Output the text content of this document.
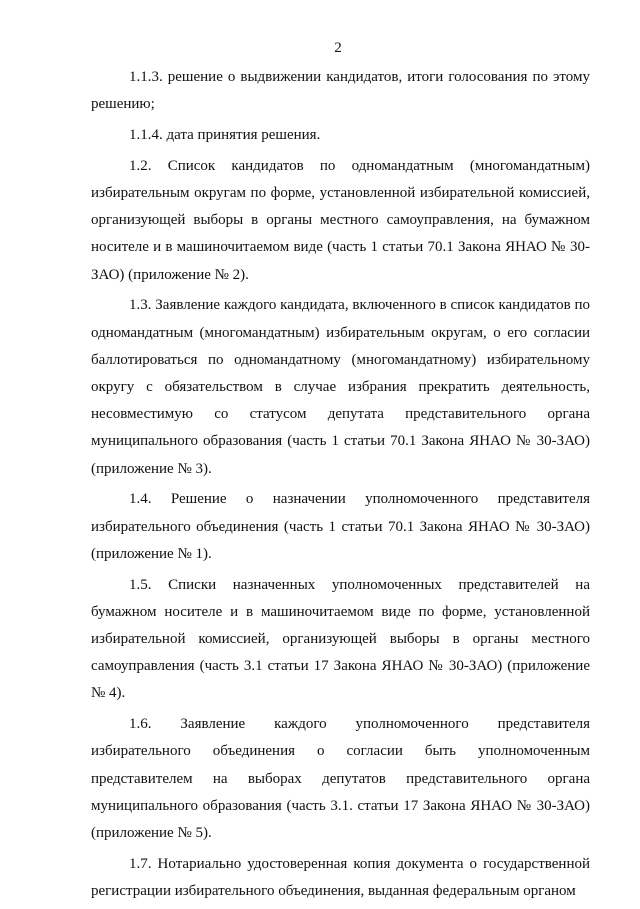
2

1.1.3. решение о выдвижении кандидатов, итоги голосования по этому решению;

1.1.4. дата принятия решения.

1.2. Список кандидатов по одномандатным (многомандатным) избирательным округам по форме, установленной избирательной комиссией, организующей выборы в органы местного самоуправления, на бумажном носителе и в машиночитаемом виде (часть 1 статьи 70.1 Закона ЯНАО № 30-ЗАО) (приложение № 2).

1.3. Заявление каждого кандидата, включенного в список кандидатов по одномандатным (многомандатным) избирательным округам, о его согласии баллотироваться по одномандатному (многомандатному) избирательному округу с обязательством в случае избрания прекратить деятельность, несовместимую со статусом депутата представительного органа муниципального образования (часть 1 статьи 70.1 Закона ЯНАО № 30-ЗАО) (приложение № 3).

1.4. Решение о назначении уполномоченного представителя избирательного объединения (часть 1 статьи 70.1 Закона ЯНАО № 30-ЗАО) (приложение № 1).

1.5. Списки назначенных уполномоченных представителей на бумажном носителе и в машиночитаемом виде по форме, установленной избирательной комиссией, организующей выборы в органы местного самоуправления (часть 3.1 статьи 17 Закона ЯНАО № 30-ЗАО) (приложение № 4).

1.6. Заявление каждого уполномоченного представителя избирательного объединения о согласии быть уполномоченным представителем на выборах депутатов представительного органа муниципального образования (часть 3.1. статьи 17 Закона ЯНАО № 30-ЗАО) (приложение № 5).

1.7. Нотариально удостоверенная копия документа о государственной регистрации избирательного объединения, выданная федеральным органом
